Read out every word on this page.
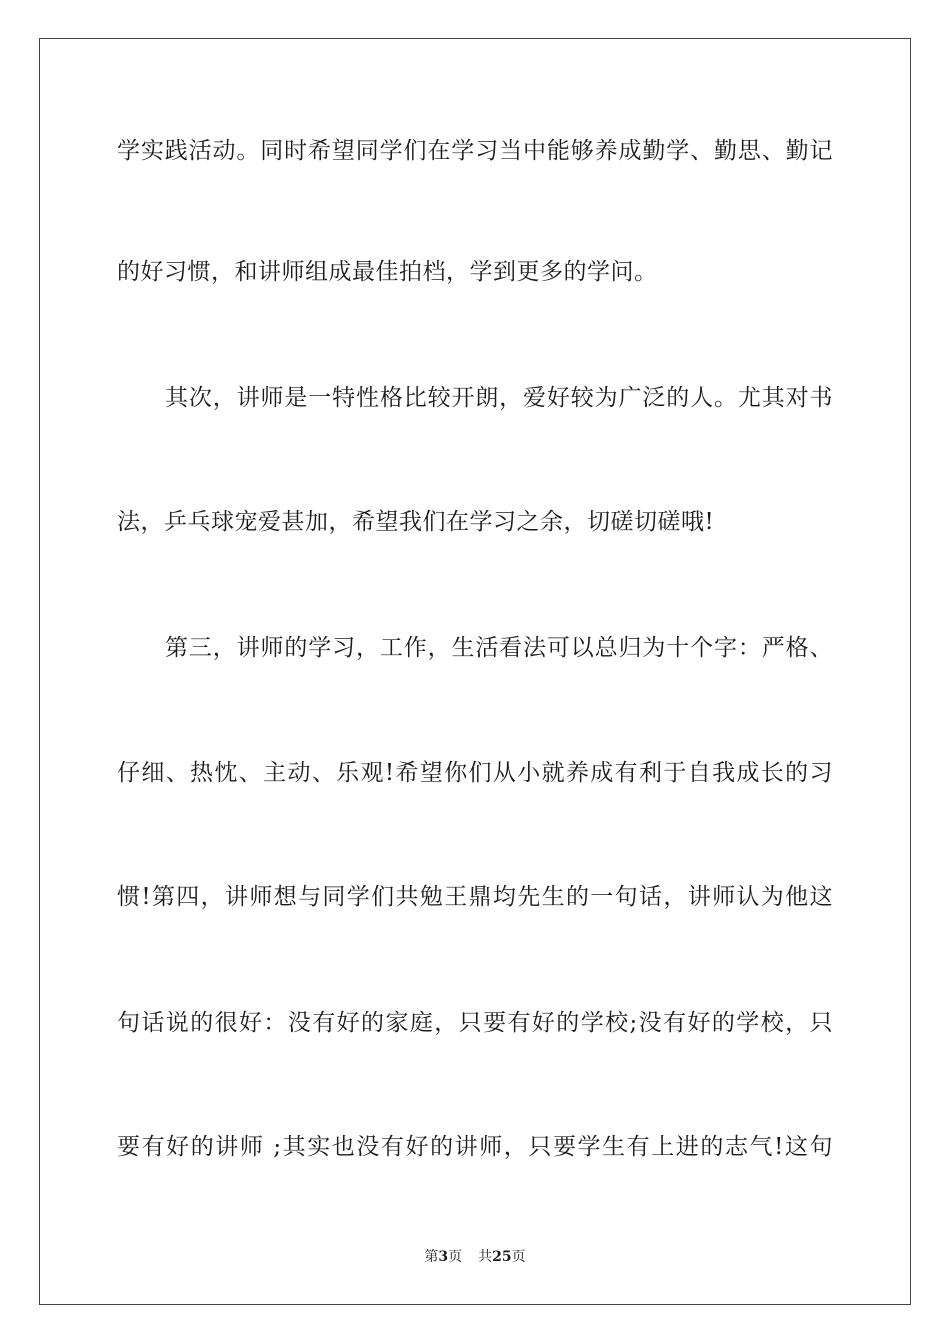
学实践活动。同时希望同学们在学习当中能够养成勤学、勤思、勤记
的好习惯，和讲师组成最佳拍档，学到更多的学问。
其次，讲师是一特性格比较开朗，爱好较为广泛的人。尤其对书
法，乒乓球宠爱甚加，希望我们在学习之余，切磋切磋哦!
第三，讲师的学习，工作，生活看法可以总归为十个字：严格、
仔细、热忱、主动、乐观!希望你们从小就养成有利于自我成长的习
惯!第四，讲师想与同学们共勉王鼎均先生的一句话，讲师认为他这
句话说的很好：没有好的家庭，只要有好的学校;没有好的学校，只
要有好的讲师 ;其实也没有好的讲师，只要学生有上进的志气!这句
第3页 共25页
